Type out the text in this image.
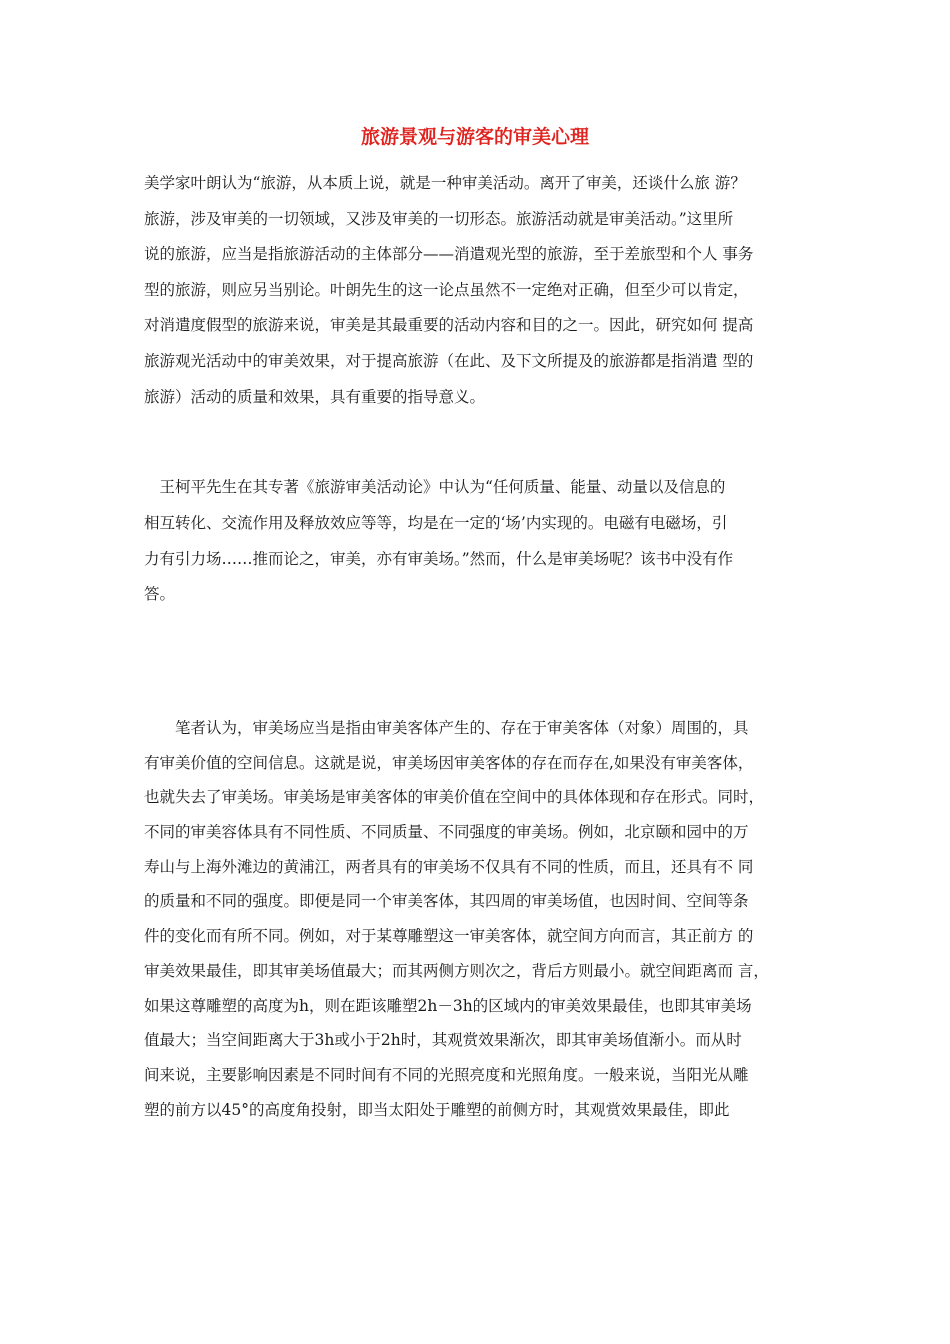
旅游景观与游客的审美心理
美学家叶朗认为“旅游，从本质上说，就是一种审美活动。离开了审美，还谈什么旅 游？
旅游，涉及审美的一切领域，又涉及审美的一切形态。旅游活动就是审美活动。”这里所
说的旅游，应当是指旅游活动的主体部分——消遣观光型的旅游，至于差旅型和个人 事务
型的旅游，则应另当别论。叶朗先生的这一论点虽然不一定绝对正确，但至少可以肯定，
对消遣度假型的旅游来说，审美是其最重要的活动内容和目的之一。因此，研究如何 提高
旅游观光活动中的审美效果，对于提高旅游（在此、及下文所提及的旅游都是指消遣 型的
旅游）活动的质量和效果，具有重要的指导意义。
　王柯平先生在其专著《旅游审美活动论》中认为“任何质量、能量、动量以及信息的
相互转化、交流作用及释放效应等等，均是在一定的‘场’内实现的。电磁有电磁场，引
力有引力场……推而论之，审美，亦有审美场。”然而，什么是审美场呢？该书中没有作
答。
　　笔者认为，审美场应当是指由审美客体产生的、存在于审美客体（对象）周围的，具
有审美价值的空间信息。这就是说，审美场因审美客体的存在而存在,如果没有审美客体，
也就失去了审美场。审美场是审美客体的审美价值在空间中的具体体现和存在形式。同时，
不同的审美容体具有不同性质、不同质量、不同强度的审美场。例如，北京颐和园中的万
寿山与上海外滩边的黄浦江，两者具有的审美场不仅具有不同的性质，而且，还具有不 同
的质量和不同的强度。即便是同一个审美客体，其四周的审美场值，也因时间、空间等条
件的变化而有所不同。例如，对于某尊雕塑这一审美客体，就空间方向而言，其正前方 的
审美效果最佳，即其审美场值最大；而其两侧方则次之，背后方则最小。就空间距离而 言，
如果这尊雕塑的高度为h，则在距该雕塑2h－3h的区域内的审美效果最佳，也即其审美场
值最大；当空间距离大于3h或小于2h时，其观赏效果渐次，即其审美场值渐小。而从时
间来说，主要影响因素是不同时间有不同的光照亮度和光照角度。一般来说，当阳光从雕
塑的前方以45°的高度角投射，即当太阳处于雕塑的前侧方时，其观赏效果最佳，即此
